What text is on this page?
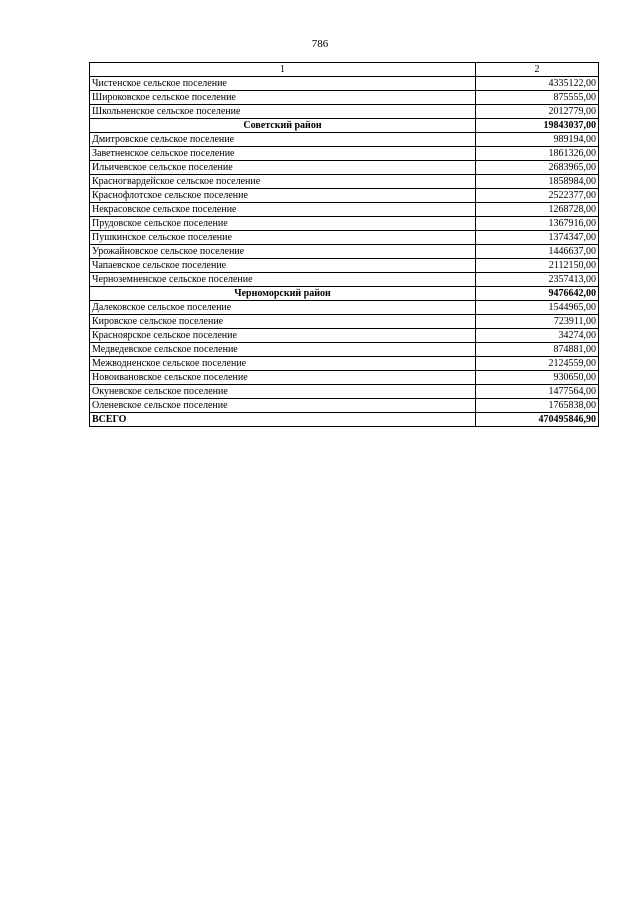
786
1	2
Чистенское сельское поселение	4335122,00
Широковское сельское поселение	875555,00
Школьненское сельское поселение	2012779,00
Советский район	19843037,00
Дмитровское сельское поселение	989194,00
Заветненское сельское поселение	1861326,00
Ильичевское сельское поселение	2683965,00
Красногвардейское сельское поселение	1858984,00
Краснофлотское сельское поселение	2522377,00
Некрасовское сельское поселение	1268728,00
Прудовское сельское поселение	1367916,00
Пушкинское сельское поселение	1374347,00
Урожайновское сельское поселение	1446637,00
Чапаевское сельское поселение	2112150,00
Черноземненское сельское поселение	2357413,00
Черноморский район	9476642,00
Далековское сельское поселение	1544965,00
Кировское сельское поселение	723911,00
Краснoярское сельское поселение	34274,00
Медведевское сельское поселение	874881,00
Межводненское сельское поселение	2124559,00
Новоивановское сельское поселение	930650,00
Окуневское сельское поселение	1477564,00
Оленевское сельское поселение	1765838,00
ВСЕГО	470495846,90
